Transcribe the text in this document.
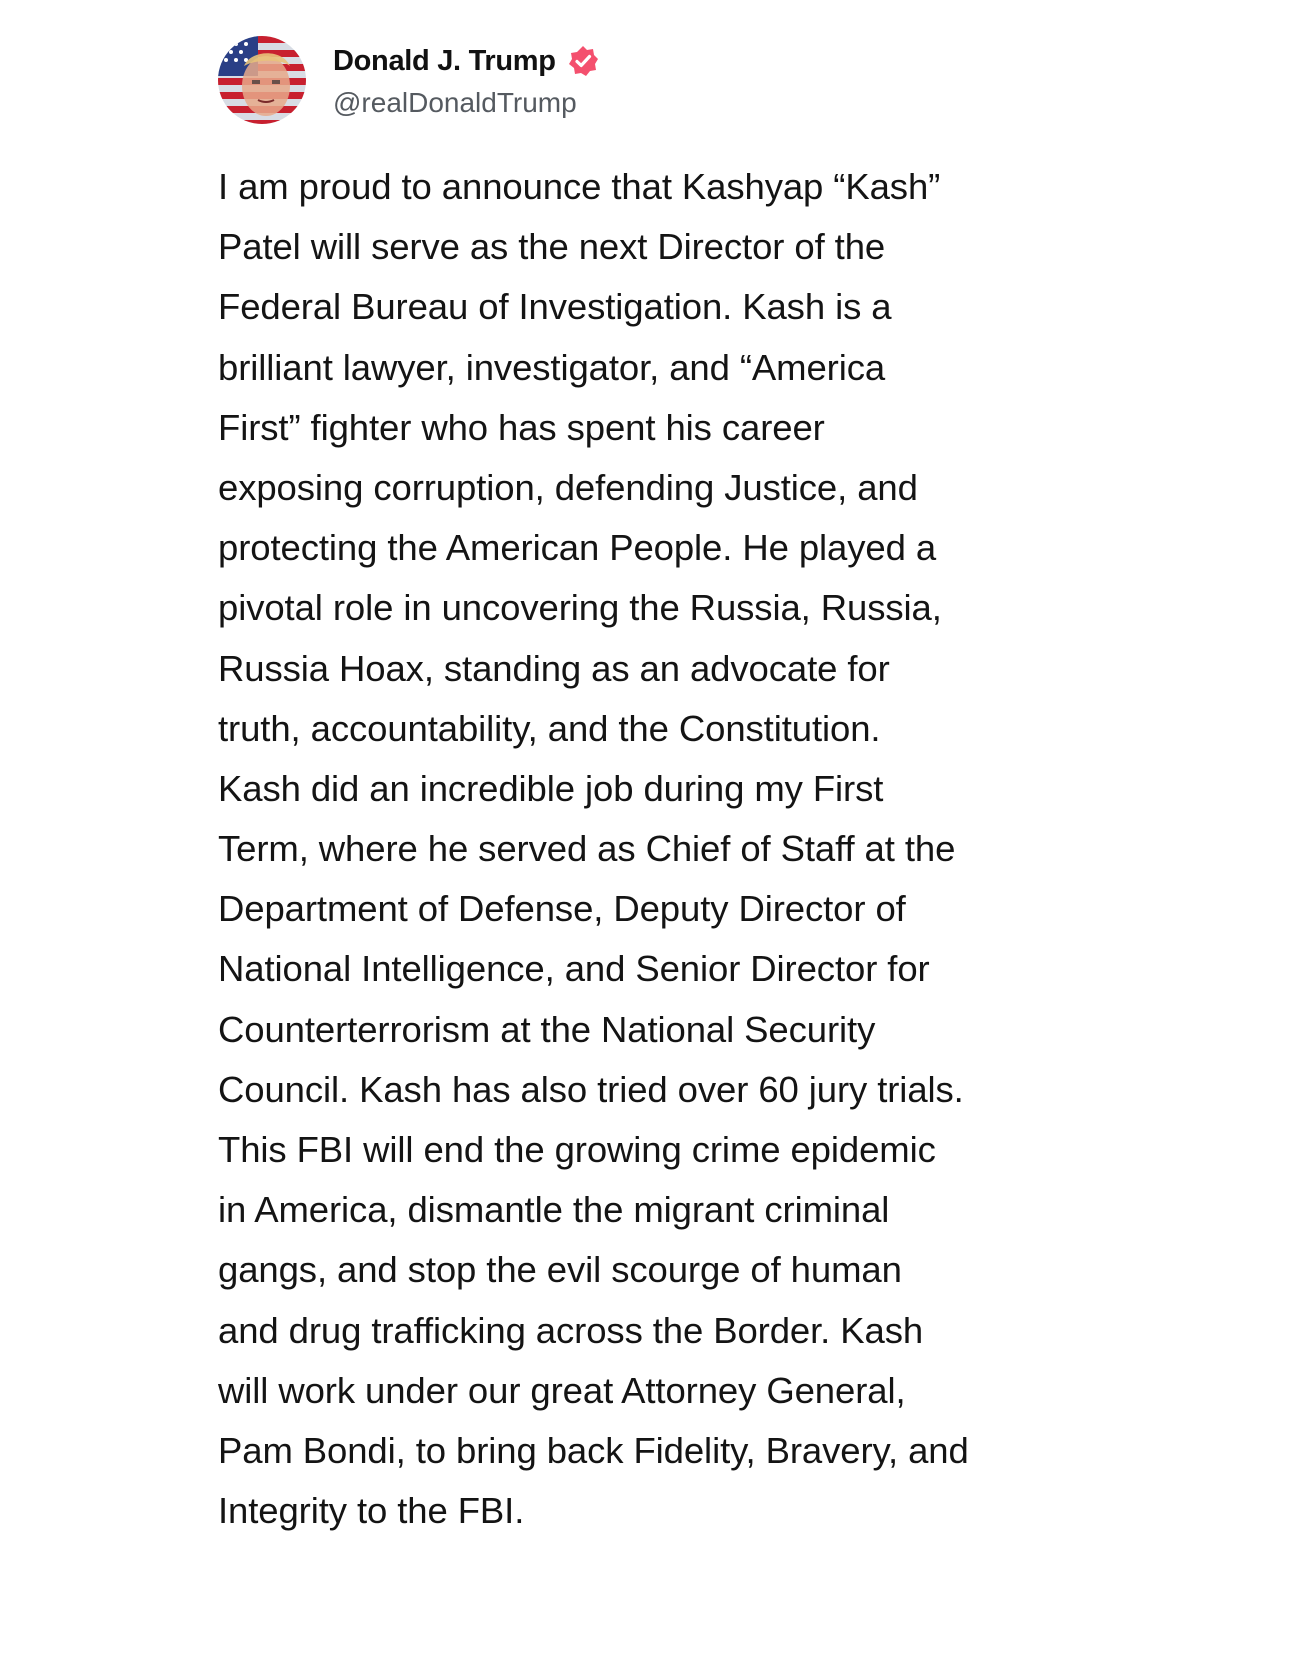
Donald J. Trump
@realDonaldTrump
I am proud to announce that Kashyap “Kash”
Patel will serve as the next Director of the
Federal Bureau of Investigation. Kash is a
brilliant lawyer, investigator, and “America
First” fighter who has spent his career
exposing corruption, defending Justice, and
protecting the American People. He played a
pivotal role in uncovering the Russia, Russia,
Russia Hoax, standing as an advocate for
truth, accountability, and the Constitution.
Kash did an incredible job during my First
Term, where he served as Chief of Staff at the
Department of Defense, Deputy Director of
National Intelligence, and Senior Director for
Counterterrorism at the National Security
Council. Kash has also tried over 60 jury trials.
This FBI will end the growing crime epidemic
in America, dismantle the migrant criminal
gangs, and stop the evil scourge of human
and drug trafficking across the Border. Kash
will work under our great Attorney General,
Pam Bondi, to bring back Fidelity, Bravery, and
Integrity to the FBI.
